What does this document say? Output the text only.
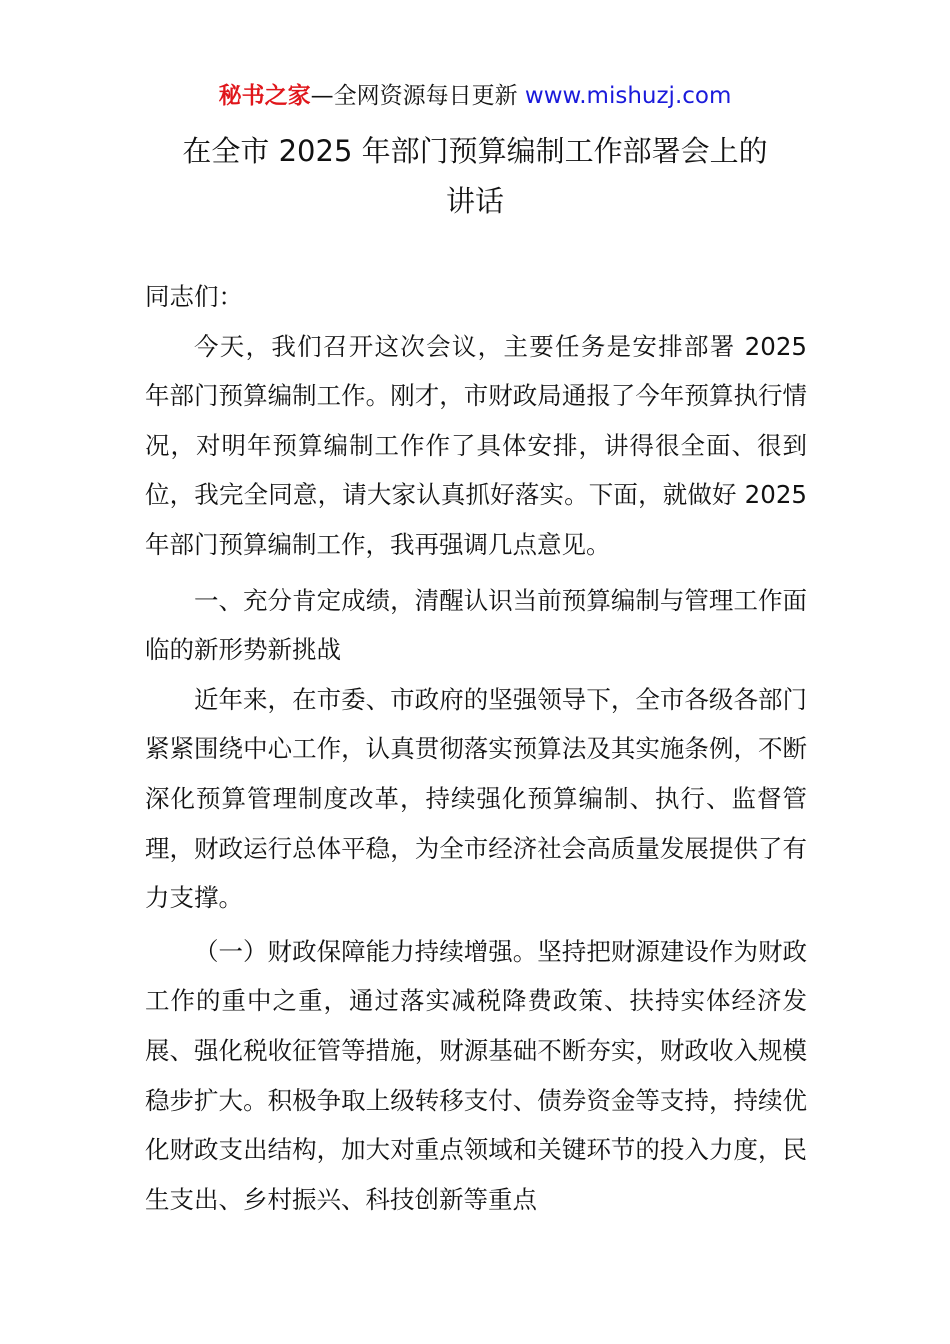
秘书之家—全网资源每日更新 www.mishuzj.com
在全市 2025 年部门预算编制工作部署会上的
讲话

同志们：

今天，我们召开这次会议，主要任务是安排部署 2025 年部门预算编制工作。刚才，市财政局通报了今年预算执行情况，对明年预算编制工作作了具体安排，讲得很全面、很到位，我完全同意，请大家认真抓好落实。下面，就做好 2025 年部门预算编制工作，我再强调几点意见。

一、充分肯定成绩，清醒认识当前预算编制与管理工作面临的新形势新挑战

近年来，在市委、市政府的坚强领导下，全市各级各部门紧紧围绕中心工作，认真贯彻落实预算法及其实施条例，不断深化预算管理制度改革，持续强化预算编制、执行、监督管理，财政运行总体平稳，为全市经济社会高质量发展提供了有力支撑。

（一）财政保障能力持续增强。坚持把财源建设作为财政工作的重中之重，通过落实减税降费政策、扶持实体经济发展、强化税收征管等措施，财源基础不断夯实，财政收入规模稳步扩大。积极争取上级转移支付、债券资金等支持，持续优化财政支出结构，加大对重点领域和关键环节的投入力度，民生支出、乡村振兴、科技创新等重点
